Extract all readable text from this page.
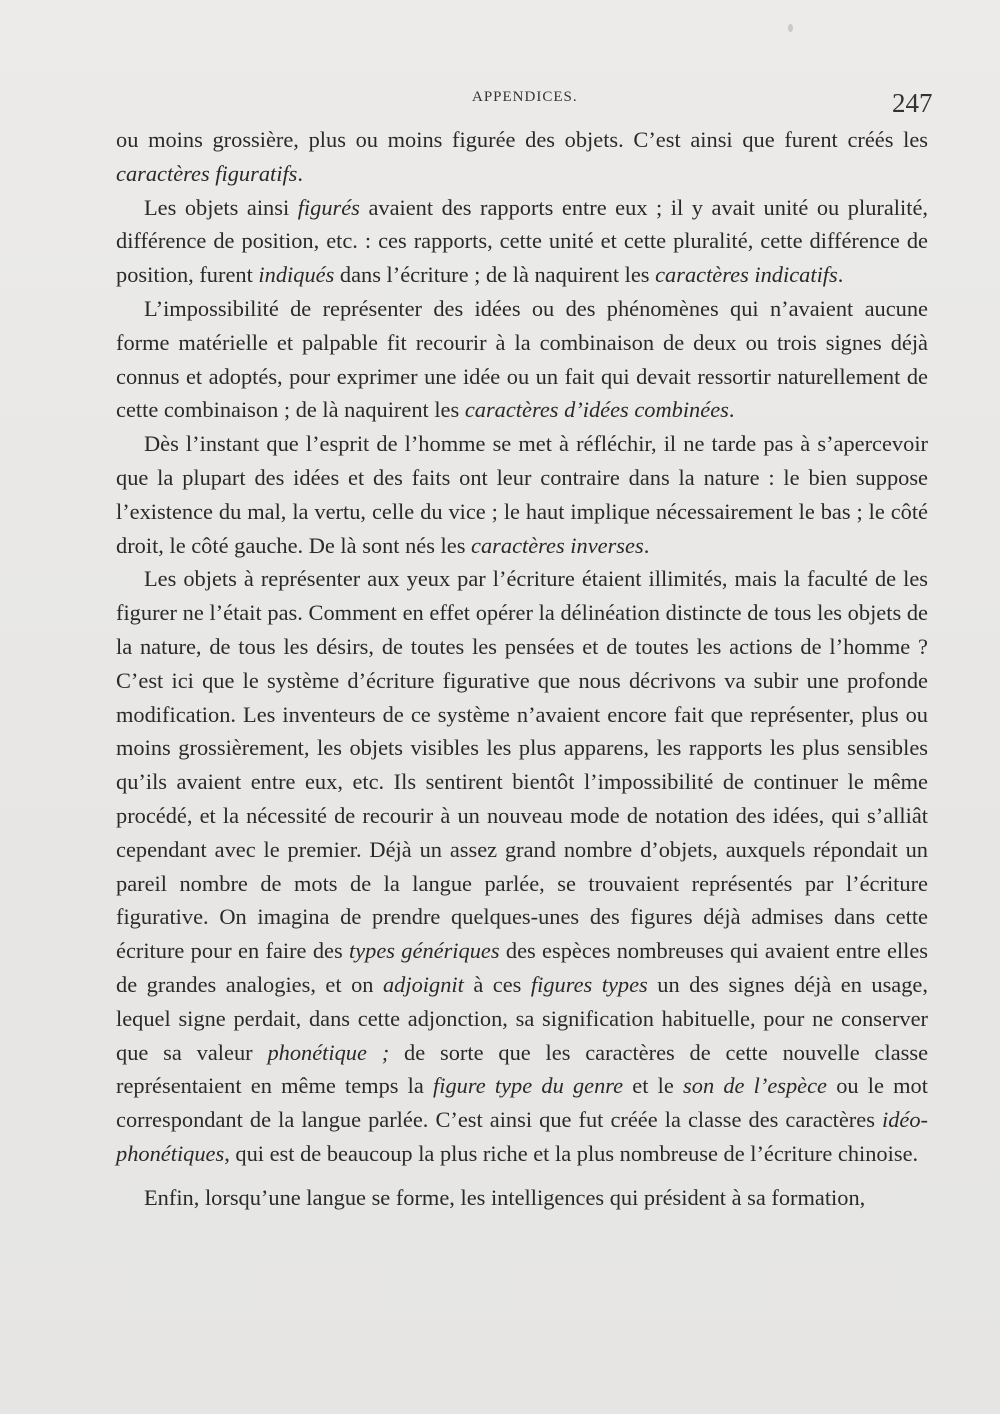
APPENDICES.	247

ou moins grossière, plus ou moins figurée des objets. C’est ainsi que furent créés les caractères figuratifs.

Les objets ainsi figurés avaient des rapports entre eux ; il y avait unité ou pluralité, différence de position, etc. : ces rapports, cette unité et cette pluralité, cette différence de position, furent indiqués dans l’écriture ; de là naquirent les caractères indicatifs.

L’impossibilité de représenter des idées ou des phénomènes qui n’avaient aucune forme matérielle et palpable fit recourir à la combinaison de deux ou trois signes déjà connus et adoptés, pour exprimer une idée ou un fait qui devait ressortir naturellement de cette combinaison ; de là naquirent les caractères d’idées combinées.

Dès l’instant que l’esprit de l’homme se met à réfléchir, il ne tarde pas à s’apercevoir que la plupart des idées et des faits ont leur contraire dans la nature : le bien suppose l’existence du mal, la vertu, celle du vice ; le haut implique nécessairement le bas ; le côté droit, le côté gauche. De là sont nés les caractères inverses.

Les objets à représenter aux yeux par l’écriture étaient illimités, mais la faculté de les figurer ne l’était pas. Comment en effet opérer la délinéation distincte de tous les objets de la nature, de tous les désirs, de toutes les pensées et de toutes les actions de l’homme ? C’est ici que le système d’écriture figurative que nous décrivons va subir une profonde modification. Les inventeurs de ce système n’avaient encore fait que représenter, plus ou moins grossièrement, les objets visibles les plus apparens, les rapports les plus sensibles qu’ils avaient entre eux, etc. Ils sentirent bientôt l’impossibilité de continuer le même procédé, et la nécessité de recourir à un nouveau mode de notation des idées, qui s’alliât cependant avec le premier. Déjà un assez grand nombre d’objets, auxquels répondait un pareil nombre de mots de la langue parlée, se trouvaient représentés par l’écriture figurative. On imagina de prendre quelques-unes des figures déjà admises dans cette écriture pour en faire des types génériques des espèces nombreuses qui avaient entre elles de grandes analogies, et on adjoignit à ces figures types un des signes déjà en usage, lequel signe perdait, dans cette adjonction, sa signification habituelle, pour ne conserver que sa valeur phonétique ; de sorte que les caractères de cette nouvelle classe représentaient en même temps la figure type du genre et le son de l’espèce ou le mot correspondant de la langue parlée. C’est ainsi que fut créée la classe des caractères idéo-phonétiques, qui est de beaucoup la plus riche et la plus nombreuse de l’écriture chinoise.

Enfin, lorsqu’une langue se forme, les intelligences qui président à sa formation,
